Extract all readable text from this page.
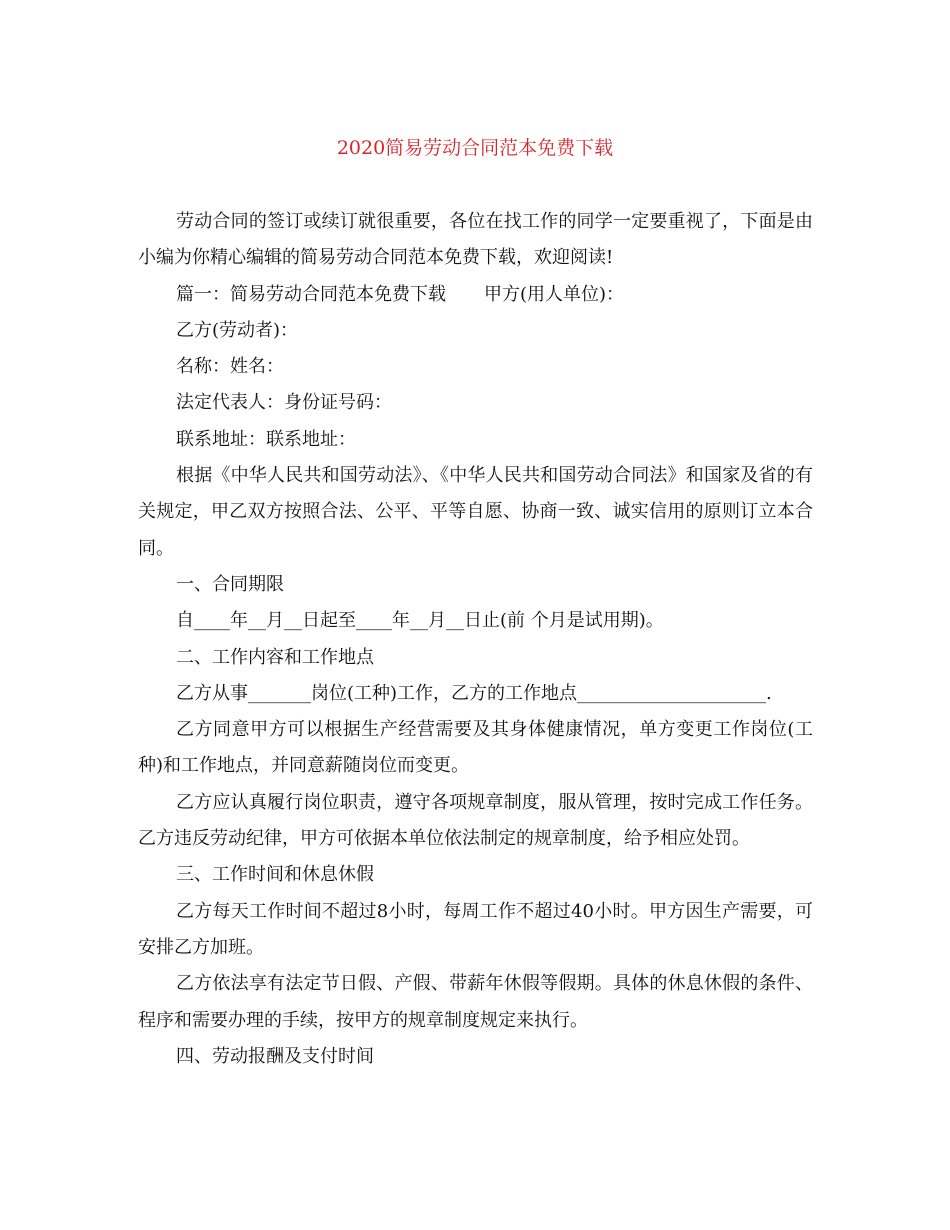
2020简易劳动合同范本免费下载

劳动合同的签订或续订就很重要，各位在找工作的同学一定要重视了，下面是由小编为你精心编辑的简易劳动合同范本免费下载，欢迎阅读!

篇一：简易劳动合同范本免费下载 甲方(用人单位)：

乙方(劳动者)：

名称：姓名：

法定代表人：身份证号码：

联系地址：联系地址：

根据《中华人民共和国劳动法》、《中华人民共和国劳动合同法》和国家及省的有关规定，甲乙双方按照合法、公平、平等自愿、协商一致、诚实信用的原则订立本合同。

一、合同期限

自____年__月__日起至____年__月__日止(前 个月是试用期)。

二、工作内容和工作地点

乙方从事_______岗位(工种)工作，乙方的工作地点_____________________.

乙方同意甲方可以根据生产经营需要及其身体健康情况，单方变更工作岗位(工种)和工作地点，并同意薪随岗位而变更。

乙方应认真履行岗位职责，遵守各项规章制度，服从管理，按时完成工作任务。乙方违反劳动纪律，甲方可依据本单位依法制定的规章制度，给予相应处罚。

三、工作时间和休息休假

乙方每天工作时间不超过8小时，每周工作不超过40小时。甲方因生产需要，可安排乙方加班。

乙方依法享有法定节日假、产假、带薪年休假等假期。具体的休息休假的条件、程序和需要办理的手续，按甲方的规章制度规定来执行。

四、劳动报酬及支付时间
